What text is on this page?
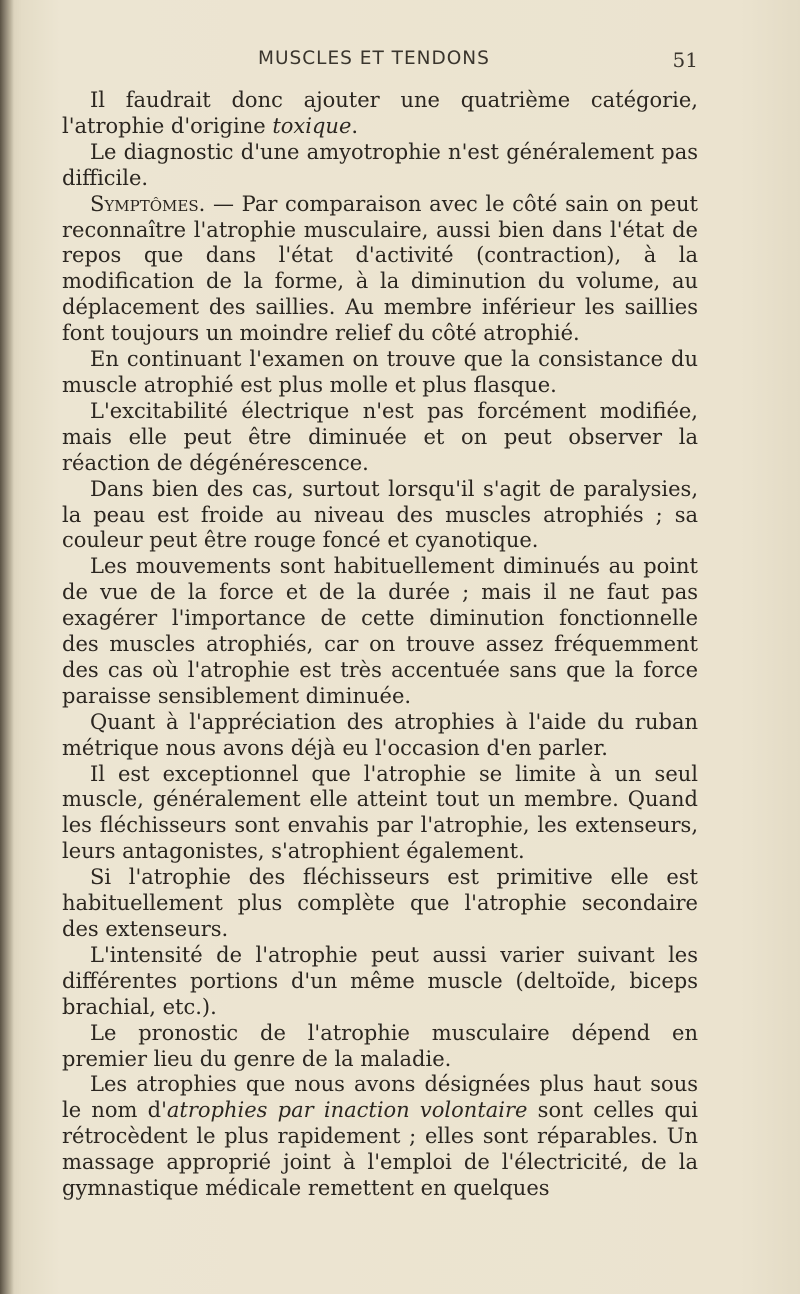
MUSCLES ET TENDONS	51

Il faudrait donc ajouter une quatrième catégorie, l'atrophie d'origine toxique.

Le diagnostic d'une amyotrophie n'est généralement pas difficile.

Symptômes. — Par comparaison avec le côté sain on peut reconnaître l'atrophie musculaire, aussi bien dans l'état de repos que dans l'état d'activité (contraction), à la modification de la forme, à la diminution du volume, au déplacement des saillies. Au membre inférieur les saillies font toujours un moindre relief du côté atrophié.

En continuant l'examen on trouve que la consistance du muscle atrophié est plus molle et plus flasque.

L'excitabilité électrique n'est pas forcément modifiée, mais elle peut être diminuée et on peut observer la réaction de dégénérescence.

Dans bien des cas, surtout lorsqu'il s'agit de paralysies, la peau est froide au niveau des muscles atrophiés ; sa couleur peut être rouge foncé et cyanotique.

Les mouvements sont habituellement diminués au point de vue de la force et de la durée ; mais il ne faut pas exagérer l'importance de cette diminution fonctionnelle des muscles atrophiés, car on trouve assez fréquemment des cas où l'atrophie est très accentuée sans que la force paraisse sensiblement diminuée.

Quant à l'appréciation des atrophies à l'aide du ruban métrique nous avons déjà eu l'occasion d'en parler.

Il est exceptionnel que l'atrophie se limite à un seul muscle, généralement elle atteint tout un membre. Quand les fléchisseurs sont envahis par l'atrophie, les extenseurs, leurs antagonistes, s'atrophient également.

Si l'atrophie des fléchisseurs est primitive elle est habituellement plus complète que l'atrophie secondaire des extenseurs.

L'intensité de l'atrophie peut aussi varier suivant les différentes portions d'un même muscle (deltoïde, biceps brachial, etc.).

Le pronostic de l'atrophie musculaire dépend en premier lieu du genre de la maladie.

Les atrophies que nous avons désignées plus haut sous le nom d'atrophies par inaction volontaire sont celles qui rétrocèdent le plus rapidement ; elles sont réparables. Un massage approprié joint à l'emploi de l'électricité, de la gymnastique médicale remettent en quelques
